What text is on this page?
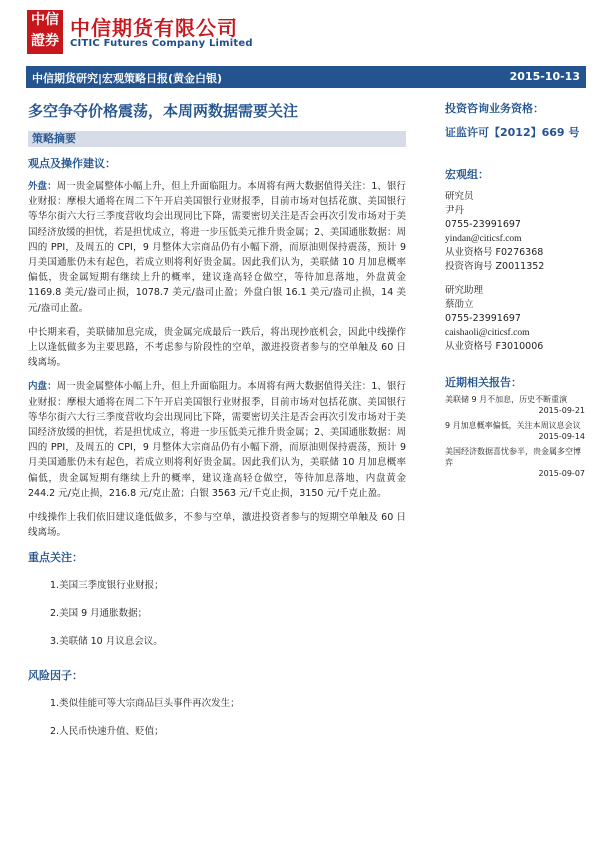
中信
證券
中信期货有限公司
CITIC Futures Company Limited
中信期货研究|宏观策略日报(黄金白银)	2015-10-13
多空争夺价格震荡，本周两数据需要关注
策略摘要
观点及操作建议：

外盘：周一贵金属整体小幅上升，但上升面临阻力。本周将有两大数据值得关注：1、银行业财报：摩根大通将在周二下午开启美国银行业财报季，目前市场对包括花旗、美国银行等华尔街六大行三季度营收均会出现同比下降，需要密切关注是否会再次引发市场对于美国经济放缓的担忧，若是担忧成立，将进一步压低美元推升贵金属；2、美国通胀数据：周四的 PPI，及周五的 CPI，9 月整体大宗商品仍有小幅下滑，而原油则保持震荡，预计 9 月美国通胀仍未有起色，若成立则将利好贵金属。因此我们认为，美联储 10 月加息概率偏低，贵金属短期有继续上升的概率，建议逢高轻仓做空，等待加息落地，外盘黄金 1169.8 美元/盎司止损，1078.7 美元/盎司止盈；外盘白银 16.1 美元/盎司止损，14 美元/盎司止盈。

中长期来看，美联储加息完成，贵金属完成最后一跌后，将出现抄底机会，因此中线操作上以逢低做多为主要思路，不考虑参与阶段性的空单，激进投资者参与的空单触及 60 日线离场。

内盘：周一贵金属整体小幅上升，但上升面临阻力。本周将有两大数据值得关注：1、银行业财报：摩根大通将在周二下午开启美国银行业财报季，目前市场对包括花旗、美国银行等华尔街六大行三季度营收均会出现同比下降，需要密切关注是否会再次引发市场对于美国经济放缓的担忧，若是担忧成立，将进一步压低美元推升贵金属；2、美国通胀数据：周四的 PPI，及周五的 CPI，9 月整体大宗商品仍有小幅下滑，而原油则保持震荡，预计 9 月美国通胀仍未有起色，若成立则将利好贵金属。因此我们认为，美联储 10 月加息概率偏低，贵金属短期有继续上升的概率，建议逢高轻仓做空，等待加息落地，内盘黄金 244.2 元/克止损，216.8 元/克止盈；白银 3563 元/千克止损，3150 元/千克止盈。

中线操作上我们依旧建议逢低做多，不参与空单，激进投资者参与的短期空单触及 60 日线离场。

重点关注：
1.美国三季度银行业财报；
2.美国 9 月通胀数据；
3.美联储 10 月议息会议。
风险因子：
1.类似佳能可等大宗商品巨头事件再次发生；
2.人民币快速升值、贬值；
投资咨询业务资格：
证监许可【2012】669 号
宏观组：
研究员
尹丹
0755-23991697
yindan@citicsf.com
从业资格号 F0276368
投资咨询号 Z0011352
研究助理
蔡劭立
0755-23991697
caishaoli@citicsf.com
从业资格号 F3010006
近期相关报告：
美联储 9 月不加息，历史不断重演
2015-09-21
9 月加息概率偏低，关注本周议息会议
2015-09-14
美国经济数据喜忧参半，贵金属多空博弈
2015-09-07
